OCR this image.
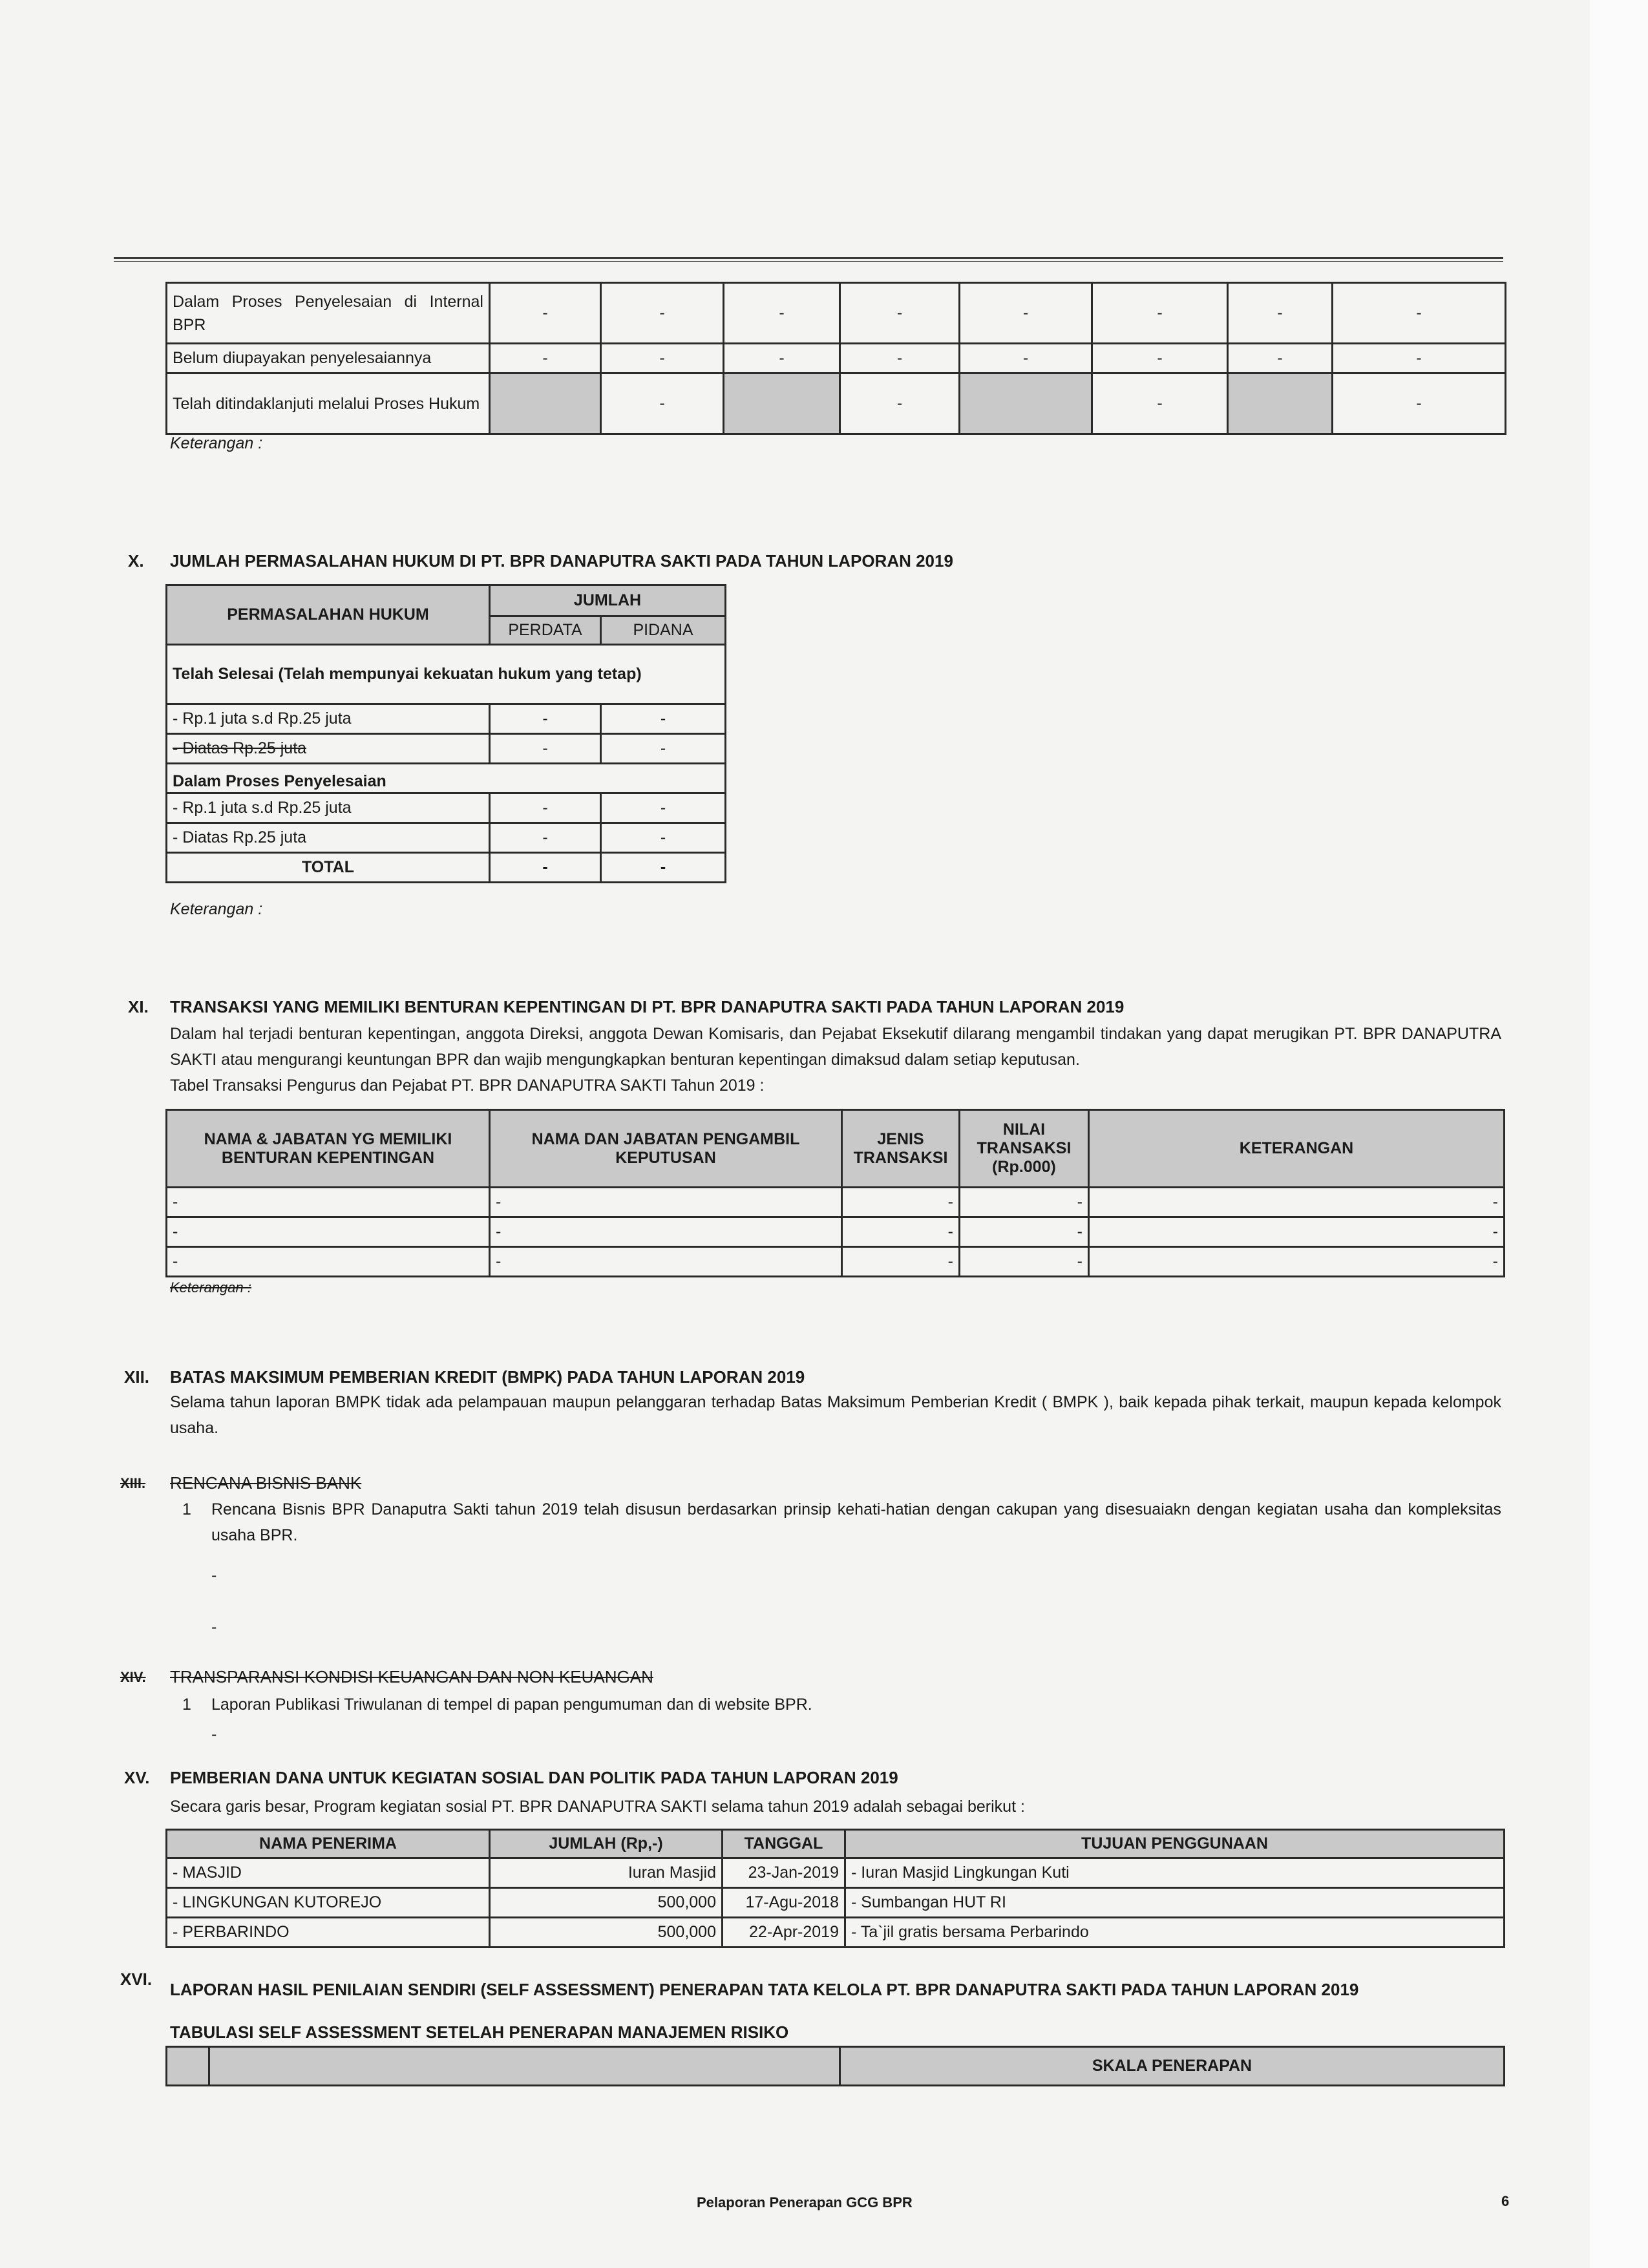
Dalam Proses Penyelesaian di Internal BPR	-	-	-	-	-	-	-	-
Belum diupayakan penyelesaiannya	-	-	-	-	-	-	-	-
Telah ditindaklanjuti melalui Proses Hukum		-		-		-		-
Keterangan :
X. JUMLAH PERMASALAHAN HUKUM DI PT. BPR DANAPUTRA SAKTI PADA TAHUN LAPORAN 2019
PERMASALAHAN HUKUM	JUMLAH	
	PERDATA	PIDANA
Telah Selesai (Telah mempunyai kekuatan hukum yang tetap)		
- Rp.1 juta s.d Rp.25 juta	-	-
- Diatas Rp.25 juta	-	-
Dalam Proses Penyelesaian		
- Rp.1 juta s.d Rp.25 juta	-	-
- Diatas Rp.25 juta	-	-
TOTAL	-	-
Keterangan :
XI. TRANSAKSI YANG MEMILIKI BENTURAN KEPENTINGAN DI PT. BPR DANAPUTRA SAKTI PADA TAHUN LAPORAN 2019
Dalam hal terjadi benturan kepentingan, anggota Direksi, anggota Dewan Komisaris, dan Pejabat Eksekutif dilarang mengambil tindakan yang dapat merugikan PT. BPR DANAPUTRA SAKTI atau mengurangi keuntungan BPR dan wajib mengungkapkan benturan kepentingan dimaksud dalam setiap keputusan.
Tabel Transaksi Pengurus dan Pejabat PT. BPR DANAPUTRA SAKTI Tahun 2019 :
NAMA & JABATAN YG MEMILIKI BENTURAN KEPENTINGAN	NAMA DAN JABATAN PENGAMBIL KEPUTUSAN	JENIS TRANSAKSI	NILAI TRANSAKSI (Rp.000)	KETERANGAN
-	-	-	-	-
-	-	-	-	-
-	-	-	-	-
Keterangan :
XII. BATAS MAKSIMUM PEMBERIAN KREDIT (BMPK) PADA TAHUN LAPORAN 2019
Selama tahun laporan BMPK tidak ada pelampauan maupun pelanggaran terhadap Batas Maksimum Pemberian Kredit ( BMPK ), baik kepada pihak terkait, maupun kepada kelompok usaha.
XIII. RENCANA BISNIS BANK
1 Rencana Bisnis BPR Danaputra Sakti tahun 2019 telah disusun berdasarkan prinsip kehati-hatian dengan cakupan yang disesuaiakn dengan kegiatan usaha dan kompleksitas usaha BPR.
-
-
XIV. TRANSPARANSI KONDISI KEUANGAN DAN NON KEUANGAN
1 Laporan Publikasi Triwulanan di tempel di papan pengumuman dan di website BPR.
-
XV. PEMBERIAN DANA UNTUK KEGIATAN SOSIAL DAN POLITIK PADA TAHUN LAPORAN 2019
Secara garis besar, Program kegiatan sosial PT. BPR DANAPUTRA SAKTI selama tahun 2019 adalah sebagai berikut :
NAMA PENERIMA	JUMLAH (Rp,-)	TANGGAL	TUJUAN PENGGUNAAN
- MASJID	Iuran Masjid	23-Jan-2019	- Iuran Masjid Lingkungan Kuti
- LINGKUNGAN KUTOREJO	500,000	17-Agu-2018	- Sumbangan HUT RI
- PERBARINDO	500,000	22-Apr-2019	- Ta`jil gratis bersama Perbarindo
XVI.
LAPORAN HASIL PENILAIAN SENDIRI (SELF ASSESSMENT) PENERAPAN TATA KELOLA PT. BPR DANAPUTRA SAKTI PADA TAHUN LAPORAN 2019
TABULASI SELF ASSESSMENT SETELAH PENERAPAN MANAJEMEN RISIKO
		SKALA PENERAPAN
Pelaporan Penerapan GCG BPR	6
